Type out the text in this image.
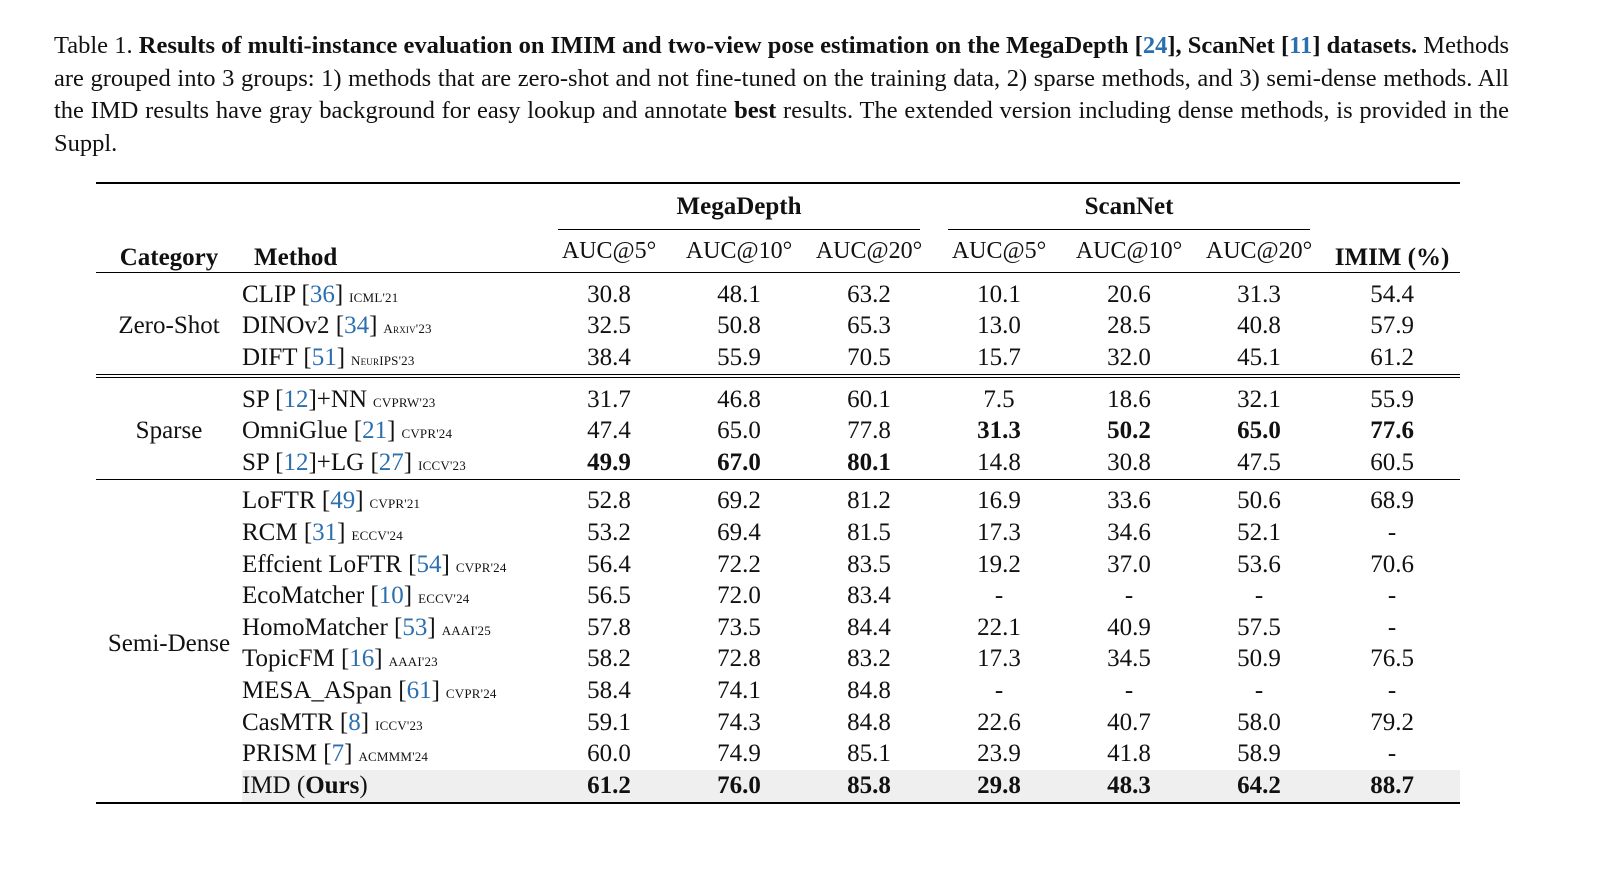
Table 1. Results of multi-instance evaluation on IMIM and two-view pose estimation on the MegaDepth [24], ScanNet [11] datasets. Methods are grouped into 3 groups: 1) methods that are zero-shot and not fine-tuned on the training data, 2) sparse methods, and 3) semi-dense methods. All the IMD results have gray background for easy lookup and annotate best results. The extended version including dense methods, is provided in the Suppl.
Category	Method	MegaDepth			ScanNet			IMIM (%)
		AUC@5°	AUC@10°	AUC@20°	AUC@5°	AUC@10°	AUC@20°	
Zero-Shot	CLIP [36] ICML'21	30.8	48.1	63.2	10.1	20.6	31.3	54.4
	DINOv2 [34] Arxiv'23	32.5	50.8	65.3	13.0	28.5	40.8	57.9
	DIFT [51] NeurIPS'23	38.4	55.9	70.5	15.7	32.0	45.1	61.2
Sparse	SP [12]+NN CVPRW'23	31.7	46.8	60.1	7.5	18.6	32.1	55.9
	OmniGlue [21] CVPR'24	47.4	65.0	77.8	31.3	50.2	65.0	77.6
	SP [12]+LG [27] ICCV'23	49.9	67.0	80.1	14.8	30.8	47.5	60.5
Semi-Dense	LoFTR [49] CVPR'21	52.8	69.2	81.2	16.9	33.6	50.6	68.9
	RCM [31] ECCV'24	53.2	69.4	81.5	17.3	34.6	52.1	-
	Effcient LoFTR [54] CVPR'24	56.4	72.2	83.5	19.2	37.0	53.6	70.6
	EcoMatcher [10] ECCV'24	56.5	72.0	83.4	-	-	-	-
	HomoMatcher [53] AAAI'25	57.8	73.5	84.4	22.1	40.9	57.5	-
	TopicFM [16] AAAI'23	58.2	72.8	83.2	17.3	34.5	50.9	76.5
	MESA_ASpan [61] CVPR'24	58.4	74.1	84.8	-	-	-	-
	CasMTR [8] ICCV'23	59.1	74.3	84.8	22.6	40.7	58.0	79.2
	PRISM [7] ACMMM'24	60.0	74.9	85.1	23.9	41.8	58.9	-
	IMD (Ours)	61.2	76.0	85.8	29.8	48.3	64.2	88.7
